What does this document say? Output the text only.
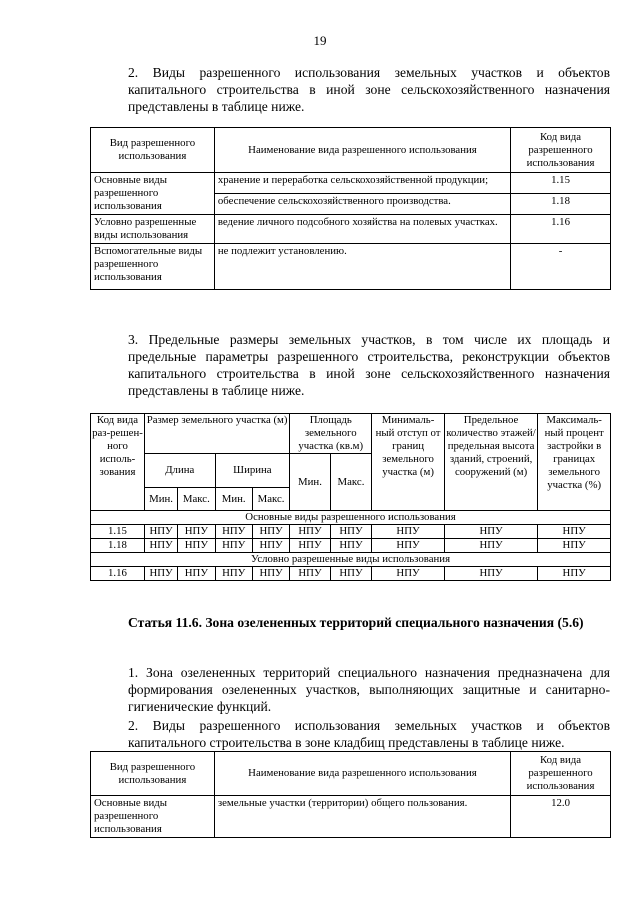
19
2. Виды разрешенного использования земельных участков и объектов капитального строительства в иной зоне сельскохозяйственного назначения представлены в таблице ниже.
Вид разрешенного использования	Наименование вида разрешенного использования	Код вида разрешенного использования
Основные виды разрешенного использования	хранение и переработка сельскохозяйственной продукции;	1.15
	обеспечение сельскохозяйственного производства.	1.18
Условно разрешенные виды использования	ведение личного подсобного хозяйства на полевых участках.	1.16
Вспомогательные виды разрешенного использования	не подлежит установлению.	-
3. Предельные размеры земельных участков, в том числе их площадь и предельные параметры разрешенного строительства, реконструкции объектов капитального строительства в иной зоне сельскохозяйственного назначения представлены в таблице ниже.
Код вида раз-решен-ного исполь-зования	Размер земельного участка (м)				Площадь земельного участка (кв.м)		Минималь-ный отступ от границ земельного участка (м)	Предельное количество этажей/ предельная высота зданий, строений, сооружений (м)	Максималь-ный процент застройки в границах земельного участка (%)
	Длина		Ширина		Мин.	Макс.			
	Мин.	Макс.	Мин.	Макс.					
Основные виды разрешенного использования									
1.15	НПУ	НПУ	НПУ	НПУ	НПУ	НПУ	НПУ	НПУ	НПУ
1.18	НПУ	НПУ	НПУ	НПУ	НПУ	НПУ	НПУ	НПУ	НПУ
Условно разрешенные виды использования									
1.16	НПУ	НПУ	НПУ	НПУ	НПУ	НПУ	НПУ	НПУ	НПУ
Статья 11.6. Зона озелененных территорий специального назначения (5.6)
1. Зона озелененных территорий специального назначения предназначена для формирования озелененных участков, выполняющих защитные и санитарно-гигиенические функций.
2. Виды разрешенного использования земельных участков и объектов капитального строительства в зоне кладбищ представлены в таблице ниже.
Вид разрешенного использования	Наименование вида разрешенного использования	Код вида разрешенного использования
Основные виды разрешенного использования	земельные участки (территории) общего пользования.	12.0
